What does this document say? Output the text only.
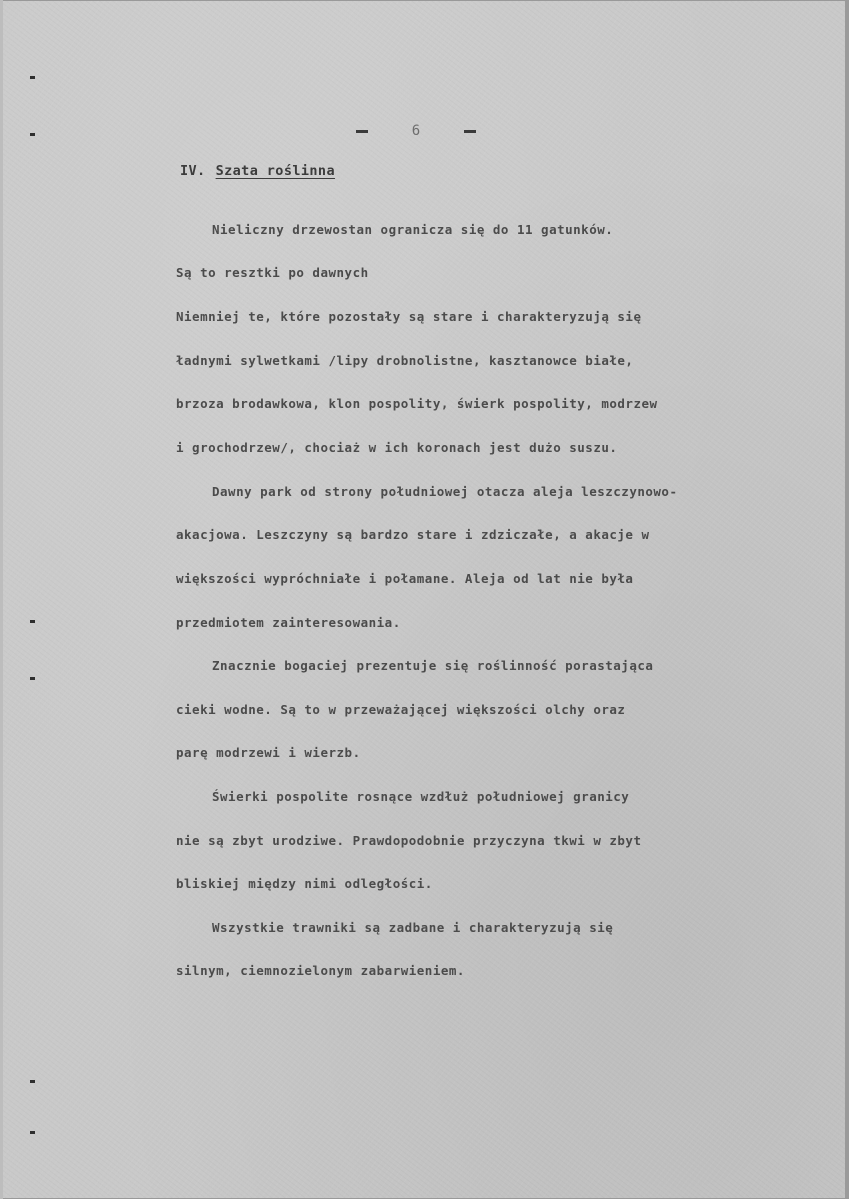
6
IV. Szata roślinna
Nieliczny drzewostan ogranicza się do 11 gatunków.
Są to resztki po dawnych
Niemniej te, które pozostały są stare i charakteryzują się
ładnymi sylwetkami /lipy drobnolistne, kasztanowce białe,
brzoza brodawkowa, klon pospolity, świerk pospolity, modrzew
i grochodrzew/, chociaż w ich koronach jest dużo suszu.
Dawny park od strony południowej otacza aleja leszczynowo-
akacjowa. Leszczyny są bardzo stare i zdziczałe, a akacje w
większości wypróchniałe i połamane. Aleja od lat nie była
przedmiotem zainteresowania.
Znacznie bogaciej prezentuje się roślinność porastająca
cieki wodne. Są to w przeważającej większości olchy oraz
parę modrzewi i wierzb.
Świerki pospolite rosnące wzdłuż południowej granicy
nie są zbyt urodziwe. Prawdopodobnie przyczyna tkwi w zbyt
bliskiej między nimi odległości.
Wszystkie trawniki są zadbane i charakteryzują się
silnym, ciemnozielonym zabarwieniem.
